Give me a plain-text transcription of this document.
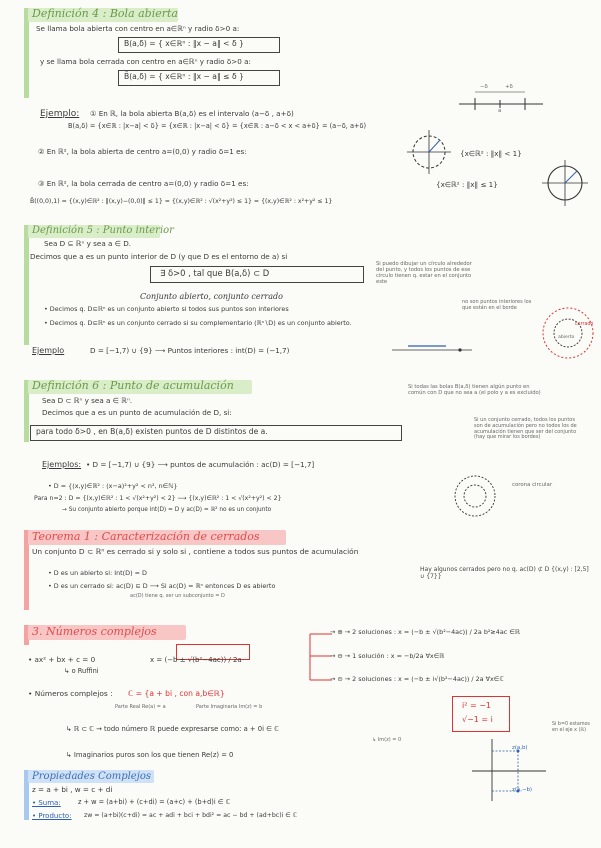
Definición 4 : Bola abierta
Se llama bola abierta con centro en a∈ℝⁿ y radio δ>0 a:
B(a,δ) = { x∈ℝⁿ : ‖x − a‖ < δ }
y se llama bola cerrada con centro en a∈ℝⁿ y radio δ>0 a:
B̄(a,δ) = { x∈ℝⁿ : ‖x − a‖ ≤ δ }
−δ	+δ
a
Ejemplo: ① En ℝ, la bola abierta B(a,δ) es el intervalo (a−δ , a+δ)
B(a,δ) = {x∈ℝ : |x−a| < δ} = {x∈ℝ : |x−a| < δ} = {x∈ℝ : a−δ < x < a+δ} = (a−δ, a+δ)
② En ℝ², la bola abierta de centro a=(0,0) y radio δ=1 es:	{x∈ℝ² : ‖x‖ < 1}
③ En ℝ², la bola cerrada de centro a=(0,0) y radio δ=1 es:	{x∈ℝ² : ‖x‖ ≤ 1}
B̄((0,0),1) = {(x,y)∈ℝ² : ‖(x,y)−(0,0)‖ ≤ 1} = {(x,y)∈ℝ² : √(x²+y²) ≤ 1} = {(x,y)∈ℝ² : x²+y² ≤ 1}
Definición 5 : Punto interior
Sea D ⊆ ℝⁿ y sea a ∈ D.
Decimos que a es un punto interior de D (y que D es el entorno de a) si
∃ δ>0 , tal que B(a,δ) ⊂ D
Si puedo dibujar un círculo alrededor del punto, y todos los puntos de ese círculo tienen q. estar en el conjunto este
Conjunto abierto, conjunto cerrado
• Decimos q. D⊆ℝⁿ es un conjunto abierto si todos sus puntos son interiores
• Decimos q. D⊆ℝⁿ es un conjunto cerrado si su complementario (ℝⁿ∖D) es un conjunto abierto.
no son puntos interiores los que están en el borde
cerrado
abierto
Ejemplo	D = [−1,7) ∪ {9} ⟶ Puntos interiores : int(D) = (−1,7)
Definición 6 : Punto de acumulación
Sea D ⊂ ℝⁿ y sea a ∈ ℝⁿ.
Decimos que a es un punto de acumulación de D, si:
para todo δ>0 , en B(a,δ) existen puntos de D distintos de a.
Si todas las bolas B(a,δ) tienen algún punto en común con D que no sea a (el polo y a es excluido)
Si un conjunto cerrado, todos los puntos son de acumulación pero no todos los de acumulación tienen que ser del conjunto (hay que mirar los bordes)
Ejemplos: • D = [−1,7) ∪ {9} ⟶ puntos de acumulación : ac(D) = [−1,7]
• D = {(x,y)∈ℝ² : (x−a)²+y² < n², n∈ℕ}
Para n=2 : D = {(x,y)∈ℝ² : 1 < √(x²+y²) < 2} ⟶ {(x,y)∈ℝ² : 1 < √(x²+y²) < 2}
→ Su conjunto abierto porque int(D) = D y ac(D) = ℝ² no es un conjunto
corona circular
Teorema 1 : Caracterización de cerrados
Un conjunto D ⊂ ℝⁿ es cerrado si y solo si , contiene a todos sus puntos de acumulación
• D es un abierto si: Int(D) = D
• D es un cerrado si: ac(D) ⊆ D ⟶ Si ac(D) = ℝⁿ entonces D es abierto
ac(D) tiene q. ser un subconjunto = D
Hay algunos cerrados pero no q. ac(D) ⊄ D {(x,y) : [2,5] ∪ {7}}
3. Números complejos
• ax² + bx + c = 0	x = (−b ± √(b²−4ac)) / 2a
↳ o Ruffini
→ ⊕ → 2 soluciones : x = (−b ± √(b²−4ac)) / 2a b²≥4ac ∈ℝ
→ ⊖ → 1 solución : x = −b/2a ∀x∈ℝ
→ ⊝ → 2 soluciones : x = (−b ± i√(b²−4ac)) / 2a ∀x∈ℂ
• Números complejos : ℂ = {a + bi , con a,b∈ℝ}
Parte Real Re(a) = a	Parte Imaginaria Im(z) = b	i² = −1
√−1 = i
↳ ℝ ⊂ ℂ → todo número ℝ puede expresarse como: a + 0i ∈ ℂ
↳ Im(z) = 0
↳ Imaginarios puros son los que tienen Re(z) = 0
z(a,b)
z(a,−b)
Si b=0 estamos en el eje x (ℝ)
Propiedades Complejos
z = a + bi , w = c + di
• Suma:	z + w = (a+bi) + (c+di) = (a+c) + (b+d)i ∈ ℂ
• Producto: zw = (a+bi)(c+di) = ac + adi + bci + bdi² = ac − bd + (ad+bc)i ∈ ℂ
